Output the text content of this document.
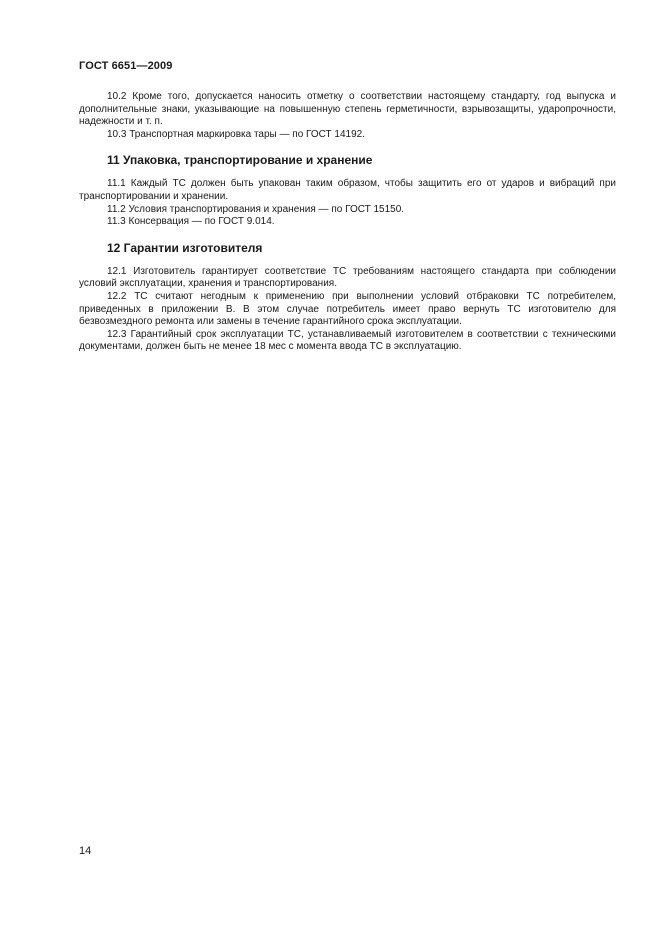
ГОСТ 6651—2009

10.2 Кроме того, допускается наносить отметку о соответствии настоящему стандарту, год выпуска и дополнительные знаки, указывающие на повышенную степень герметичности, взрывозащиты, ударопрочности, надежности и т. п.

10.3 Транспортная маркировка тары — по ГОСТ 14192.

11 Упаковка, транспортирование и хранение

11.1 Каждый ТС должен быть упакован таким образом, чтобы защитить его от ударов и вибраций при транспортировании и хранении.

11.2 Условия транспортирования и хранения — по ГОСТ 15150.

11.3 Консервация — по ГОСТ 9.014.

12 Гарантии изготовителя

12.1 Изготовитель гарантирует соответствие ТС требованиям настоящего стандарта при соблюдении условий эксплуатации, хранения и транспортирования.

12.2 ТС считают негодным к применению при выполнении условий отбраковки ТС потребителем, приведенных в приложении В. В этом случае потребитель имеет право вернуть ТС изготовителю для безвозмездного ремонта или замены в течение гарантийного срока эксплуатации.

12.3 Гарантийный срок эксплуатации ТС, устанавливаемый изготовителем в соответствии с техническими документами, должен быть не менее 18 мес с момента ввода ТС в эксплуатацию.

14
